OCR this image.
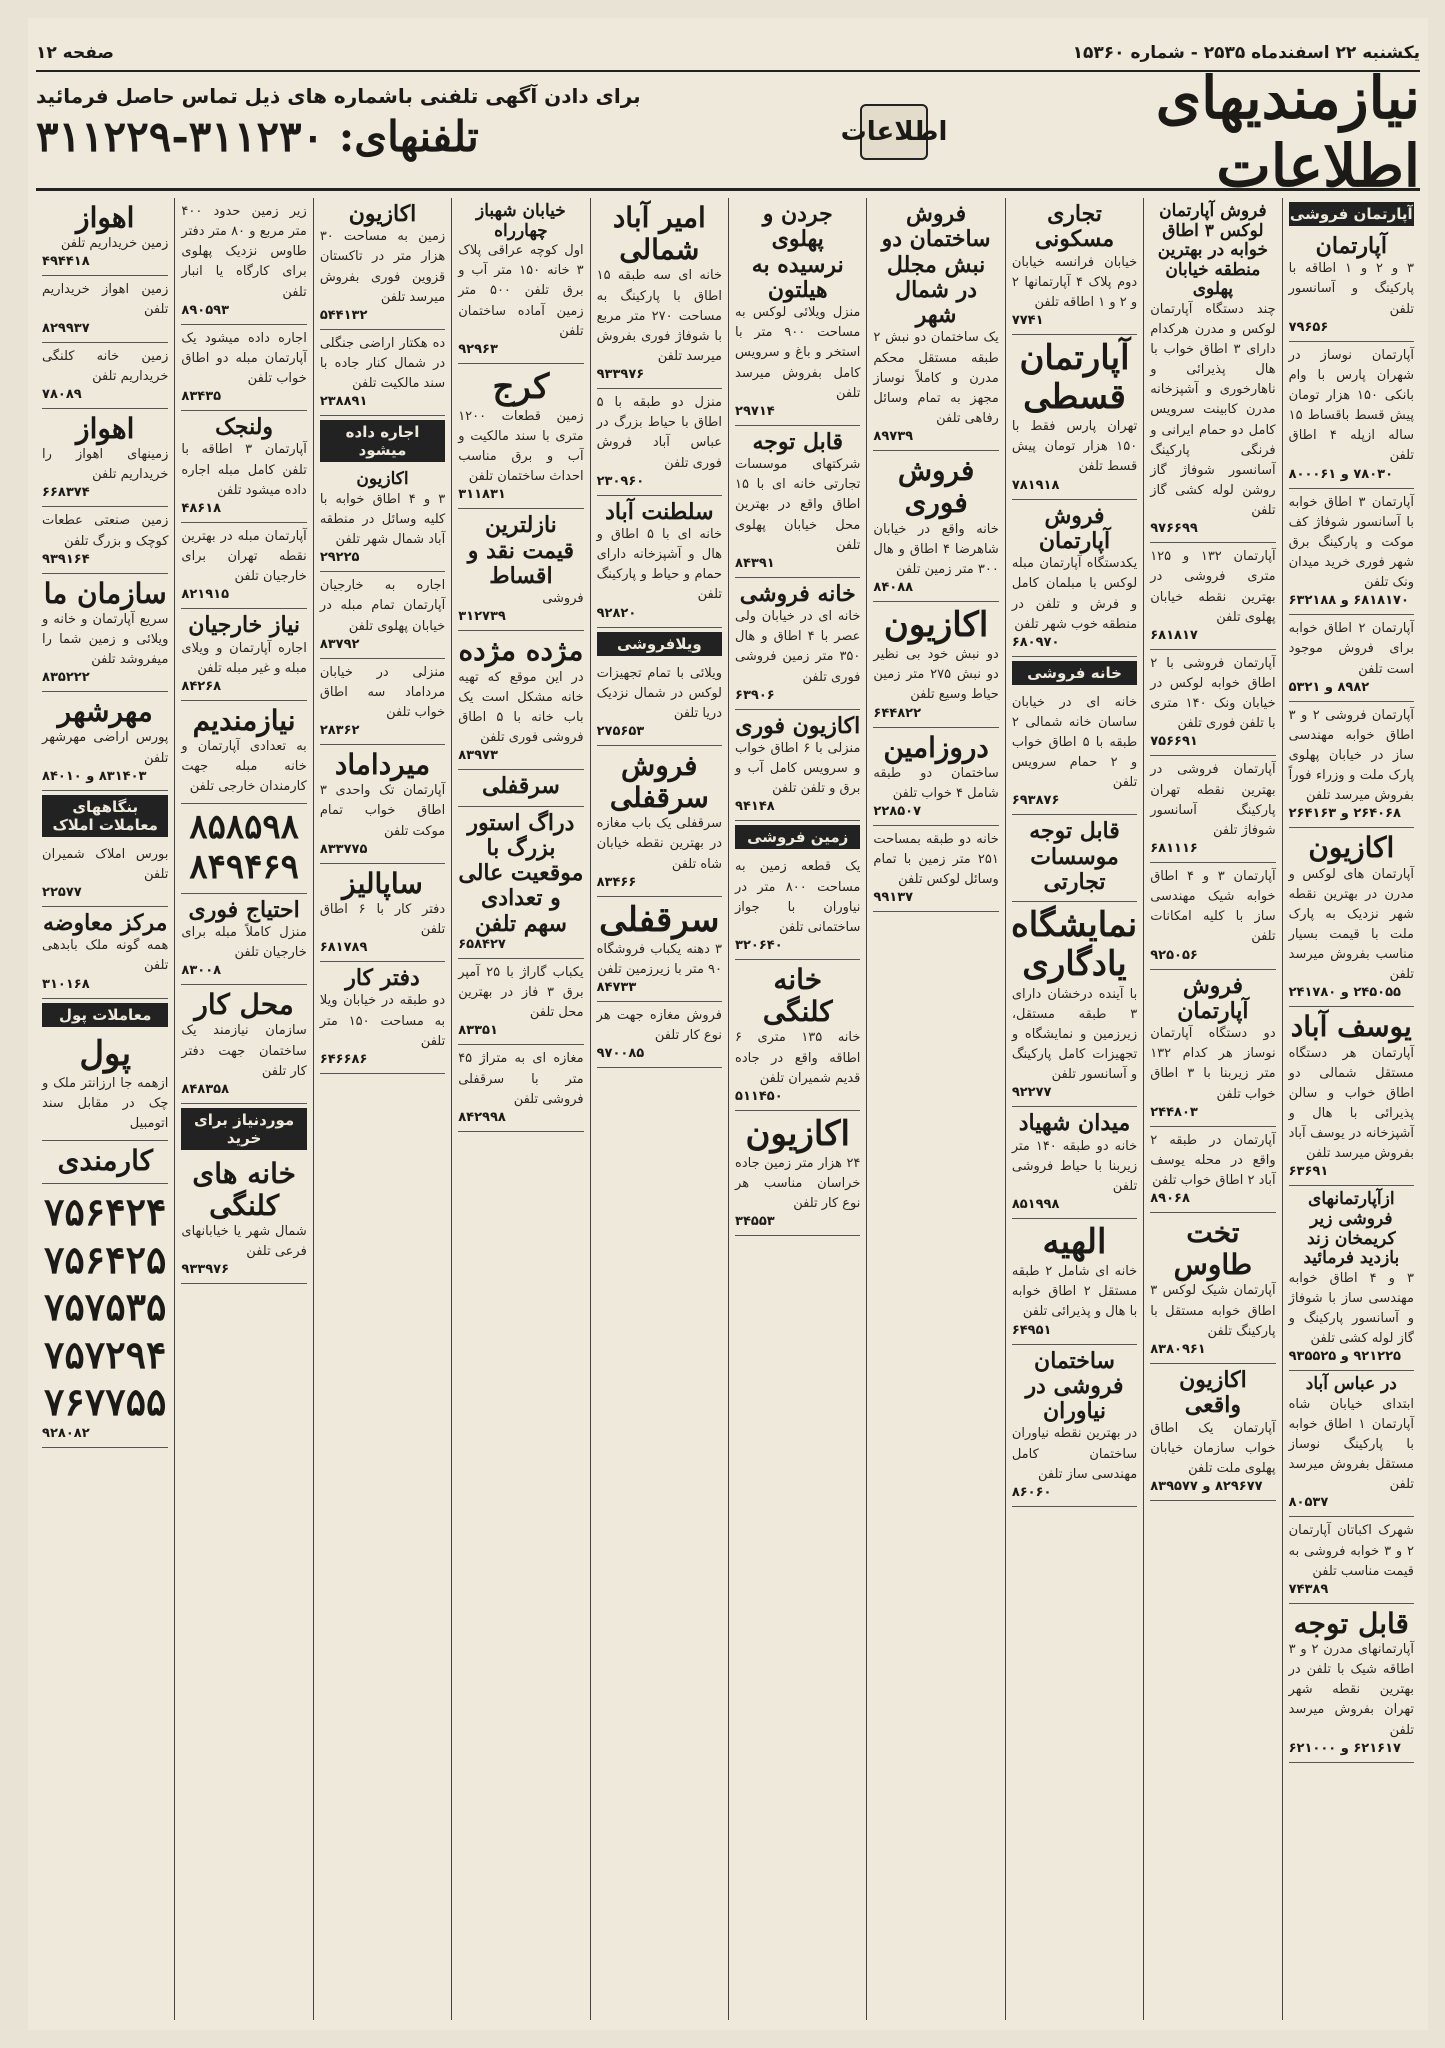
یکشنبه ۲۲ اسفندماه ۲۵۳۵ - شماره ۱۵۳۶۰
صفحه ۱۲
نیازمندیهای اطلاعات
اطلاعات
برای دادن آگهی تلفنی باشماره های ذیل تماس حاصل فرمائید
تلفنهای: ۳۱۱۲۳۰-۳۱۱۲۲۹
آپارتمان فروشی
آپارتمان
۳ و ۲ و ۱ اطاقه با پارکینگ و آسانسور تلفن
۷۹۶۵۶
آپارتمان نوساز در شهران پارس با وام بانکی ۱۵۰ هزار تومان پیش قسط باقساط ۱۵ ساله ازپله ۴ اطاق تلفن
۷۸۰۳۰ و ۸۰۰۰۶۱
آپارتمان ۳ اطاق خوابه با آسانسور شوفاژ کف موکت و پارکینگ برق شهر فوری خرید میدان ونک تلفن
۶۸۱۸۱۷۰ و ۶۳۲۱۸۸
آپارتمان ۲ اطاق خوابه برای فروش موجود است تلفن
۸۹۸۲ و ۵۳۲۱
آپارتمان فروشی ۲ و ۳ اطاق خوابه مهندسی ساز در خیابان پهلوی پارک ملت و وزراء فوراً بفروش میرسد تلفن
۲۶۴۰۶۸ و ۲۶۴۱۶۳
اکازیون
آپارتمان های لوکس و مدرن در بهترین نقطه شهر نزدیک به پارک ملت با قیمت بسیار مناسب بفروش میرسد تلفن
۲۴۵۰۵۵ و ۲۴۱۷۸۰
یوسف آباد
آپارتمان هر دستگاه مستقل شمالی دو اطاق خواب و سالن پذیرائی با هال و آشپزخانه در یوسف آباد بفروش میرسد تلفن
۶۳۶۹۱
ازآپارتمانهای فروشی زیر کریمخان زند بازدید فرمائید
۳ و ۴ اطاق خوابه مهندسی ساز با شوفاژ و آسانسور پارکینگ و گاز لوله کشی تلفن
۹۲۱۲۲۵ و ۹۳۵۵۲۵
در عباس آباد
ابتدای خیابان شاه آپارتمان ۱ اطاق خوابه با پارکینگ نوساز مستقل بفروش میرسد تلفن
۸۰۵۳۷
شهرک اکباتان آپارتمان ۲ و ۳ خوابه فروشی به قیمت مناسب تلفن
۷۴۳۸۹
قابل توجه
آپارتمانهای مدرن ۲ و ۳ اطاقه شیک با تلفن در بهترین نقطه شهر تهران بفروش میرسد تلفن
۶۲۱۶۱۷ و ۶۲۱۰۰۰
فروش آپارتمان لوکس ۳ اطاق خوابه در بهترین منطقه خیابان پهلوی
چند دستگاه آپارتمان لوکس و مدرن هرکدام دارای ۳ اطاق خواب با هال پذیرائی و ناهارخوری و آشپزخانه مدرن کابینت سرویس کامل دو حمام ایرانی و فرنگی پارکینگ آسانسور شوفاژ گاز روشن لوله کشی گاز تلفن
۹۷۶۶۹۹
آپارتمان ۱۳۲ و ۱۲۵ متری فروشی در بهترین نقطه خیابان پهلوی تلفن
۶۸۱۸۱۷
آپارتمان فروشی با ۲ اطاق خوابه لوکس در خیابان ونک ۱۴۰ متری با تلفن فوری تلفن
۷۵۶۶۹۱
آپارتمان فروشی در بهترین نقطه تهران پارکینگ آسانسور شوفاژ تلفن
۶۸۱۱۱۶
آپارتمان ۳ و ۴ اطاق خوابه شیک مهندسی ساز با کلیه امکانات تلفن
۹۲۵۰۵۶
فروش آپارتمان
دو دستگاه آپارتمان نوساز هر کدام ۱۳۲ متر زیربنا با ۳ اطاق خواب تلفن
۲۴۴۸۰۳
آپارتمان در طبقه ۲ واقع در محله یوسف آباد ۲ اطاق خواب تلفن
۸۹۰۶۸
تخت طاوس
آپارتمان شیک لوکس ۳ اطاق خوابه مستقل با پارکینگ تلفن
۸۳۸۰۹۶۱
اکازیون واقعی
آپارتمان یک اطاق خواب سازمان خیابان پهلوی ملت تلفن
۸۲۹۶۷۷ و ۸۳۹۵۷۷
تجاری مسکونی
خیابان فرانسه خیابان دوم پلاک ۴ آپارتمانها ۲ و ۲ و ۱ اطاقه تلفن
۷۷۴۱
آپارتمان قسطی
تهران پارس فقط با ۱۵۰ هزار تومان پیش قسط تلفن
۷۸۱۹۱۸
فروش آپارتمان
یکدستگاه آپارتمان مبله لوکس با مبلمان کامل و فرش و تلفن در منطقه خوب شهر تلفن
۶۸۰۹۷۰
خانه فروشی
خانه ای در خیابان ساسان خانه شمالی ۲ طبقه با ۵ اطاق خواب و ۲ حمام سرویس تلفن
۶۹۳۸۷۶
قابل توجه موسسات تجارتی
نمایشگاه یادگاری
با آینده درخشان دارای ۳ طبقه مستقل، زیرزمین و نمایشگاه و تجهیزات کامل پارکینگ و آسانسور تلفن
۹۲۲۷۷
میدان شهیاد
خانه دو طبقه ۱۴۰ متر زیربنا با حیاط فروشی تلفن
۸۵۱۹۹۸
الهیه
خانه ای شامل ۲ طبقه مستقل ۲ اطاق خوابه با هال و پذیرائی تلفن
۶۴۹۵۱
ساختمان فروشی در نیاوران
در بهترین نقطه نیاوران ساختمان کامل مهندسی ساز تلفن
۸۶۰۶۰
فروش ساختمان دو نبش مجلل در شمال شهر
یک ساختمان دو نبش ۲ طبقه مستقل محکم مدرن و کاملاً نوساز مجهز به تمام وسائل رفاهی تلفن
۸۹۷۳۹
فروش فوری
خانه واقع در خیابان شاهرضا ۴ اطاق و هال ۳۰۰ متر زمین تلفن
۸۴۰۸۸
اکازیون
دو نبش خود بی نظیر دو نبش ۲۷۵ متر زمین حیاط وسیع تلفن
۶۴۴۸۲۲
دروزامین
ساختمان دو طبقه شامل ۴ خواب تلفن
۲۲۸۵۰۷
خانه دو طبقه بمساحت ۲۵۱ متر زمین با تمام وسائل لوکس تلفن
۹۹۱۳۷
جردن و پهلوی نرسیده به هیلتون
منزل ویلائی لوکس به مساحت ۹۰۰ متر با استخر و باغ و سرویس کامل بفروش میرسد تلفن
۲۹۷۱۴
قابل توجه
شرکتهای موسسات تجارتی خانه ای با ۱۵ اطاق واقع در بهترین محل خیابان پهلوی تلفن
۸۴۳۹۱
خانه فروشی
خانه ای در خیابان ولی عصر با ۴ اطاق و هال ۳۵۰ متر زمین فروشی فوری تلفن
۶۳۹۰۶
اکازیون فوری
منزلی با ۶ اطاق خواب و سرویس کامل آب و برق و تلفن تلفن
۹۴۱۴۸
زمین فروشی
یک قطعه زمین به مساحت ۸۰۰ متر در نیاوران با جواز ساختمانی تلفن
۳۲۰۶۴۰
خانه کلنگی
خانه ۱۳۵ متری ۶ اطاقه واقع در جاده قدیم شمیران تلفن
۵۱۱۴۵۰
اکازیون
۲۴ هزار متر زمین جاده خراسان مناسب هر نوع کار تلفن
۳۴۵۵۳
امیر آباد شمالی
خانه ای سه طبقه ۱۵ اطاق با پارکینگ به مساحت ۲۷۰ متر مربع با شوفاژ فوری بفروش میرسد تلفن
۹۳۳۹۷۶
منزل دو طبقه با ۵ اطاق با حیاط بزرگ در عباس آباد فروش فوری تلفن
۲۳۰۹۶۰
سلطنت آباد
خانه ای با ۵ اطاق و هال و آشپزخانه دارای حمام و حیاط و پارکینگ تلفن
۹۲۸۲۰
ویلافروشی
ویلائی با تمام تجهیزات لوکس در شمال نزدیک دریا تلفن
۲۷۵۶۵۳
فروش سرقفلی
سرقفلی یک باب مغازه در بهترین نقطه خیابان شاه تلفن
۸۳۴۶۶
سرقفلی
۳ دهنه یکباب فروشگاه ۹۰ متر با زیرزمین تلفن
۸۴۷۳۳
فروش مغازه جهت هر نوع کار تلفن
۹۷۰۰۸۵
خیابان شهباز چهارراه
اول کوچه عراقی پلاک ۳ خانه ۱۵۰ متر آب و برق تلفن ۵۰۰ متر زمین آماده ساختمان تلفن
۹۲۹۶۳
کرج
زمین قطعات ۱۲۰۰ متری با سند مالکیت و آب و برق مناسب احداث ساختمان تلفن
۳۱۱۸۳۱
نازلترین قیمت نقد و اقساط
فروشی
۳۱۲۷۳۹
مژده مژده
در این موقع که تهیه خانه مشکل است یک باب خانه با ۵ اطاق فروشی فوری تلفن
۸۳۹۷۳
سرقفلی
دراگ استور بزرگ با موقعیت عالی و تعدادی سهم تلفن
۶۵۸۴۲۷
یکباب گاراژ با ۲۵ آمپر برق ۳ فاز در بهترین محل تلفن
۸۳۳۵۱
مغازه ای به متراژ ۴۵ متر با سرقفلی فروشی تلفن
۸۴۲۹۹۸
اکازیون
زمین به مساحت ۳۰ هزار متر در تاکستان قزوین فوری بفروش میرسد تلفن
۵۴۴۱۳۲
ده هکتار اراضی جنگلی در شمال کنار جاده با سند مالکیت تلفن
۲۳۸۸۹۱
اجاره داده میشود
اکازیون
۳ و ۴ اطاق خوابه با کلیه وسائل در منطقه آباد شمال شهر تلفن
۲۹۲۲۵
اجاره به خارجیان آپارتمان تمام مبله در خیابان پهلوی تلفن
۸۳۷۹۲
منزلی در خیابان مرداماد سه اطاق خواب تلفن
۲۸۳۶۲
میرداماد
آپارتمان تک واحدی ۳ اطاق خواب تمام موکت تلفن
۸۳۳۷۷۵
ساپالیز
دفتر کار با ۶ اطاق تلفن
۶۸۱۷۸۹
دفتر کار
دو طبقه در خیابان ویلا به مساحت ۱۵۰ متر تلفن
۶۴۶۶۸۶
زیر زمین حدود ۴۰۰ متر مربع و ۸۰ متر دفتر طاوس نزدیک پهلوی برای کارگاه یا انبار تلفن
۸۹۰۵۹۳
اجاره داده میشود یک آپارتمان مبله دو اطاق خواب تلفن
۸۳۴۳۵
ولنجک
آپارتمان ۳ اطاقه با تلفن کامل مبله اجاره داده میشود تلفن
۴۸۶۱۸
آپارتمان مبله در بهترین نقطه تهران برای خارجیان تلفن
۸۲۱۹۱۵
نیاز خارجیان
اجاره آپارتمان و ویلای مبله و غیر مبله تلفن
۸۴۲۶۸
نیازمندیم
به تعدادی آپارتمان و خانه مبله جهت کارمندان خارجی تلفن
۸۵۸۵۹۸ ۸۴۹۴۶۹
احتیاج فوری
منزل کاملاً مبله برای خارجیان تلفن
۸۳۰۰۸
محل کار
سازمان نیازمند یک ساختمان جهت دفتر کار تلفن
۸۴۸۳۵۸
موردنیاز برای خرید
خانه های کلنگی
شمال شهر یا خیابانهای فرعی تلفن
۹۳۳۹۷۶
اهواز
زمین خریداریم تلفن
۴۹۴۴۱۸
زمین اهواز خریداریم تلفن
۸۲۹۹۳۷
زمین خانه کلنگی خریداریم تلفن
۷۸۰۸۹
اهواز
زمینهای اهواز را خریداریم تلفن
۶۶۸۳۷۴
زمین صنعتی عطعات کوچک و بزرگ تلفن
۹۳۹۱۶۴
سازمان ما
سریع آپارتمان و خانه و ویلائی و زمین شما را میفروشد تلفن
۸۳۵۲۲۲
مهرشهر
پورس اراضی مهرشهر تلفن
۸۳۱۴۰۳ و ۸۴۰۱۰
بنگاههای معاملات املاک
بورس املاک شمیران تلفن
۲۲۵۷۷
مرکز معاوضه
همه گونه ملک بابدهی تلفن
۳۱۰۱۶۸
معاملات پول
پول
ازهمه جا ارزانتر ملک و چک در مقابل سند اتومبیل
کارمندی
۷۵۶۴۲۴ ۷۵۶۴۲۵ ۷۵۷۵۳۵ ۷۵۷۲۹۴ ۷۶۷۷۵۵
۹۲۸۰۸۲
